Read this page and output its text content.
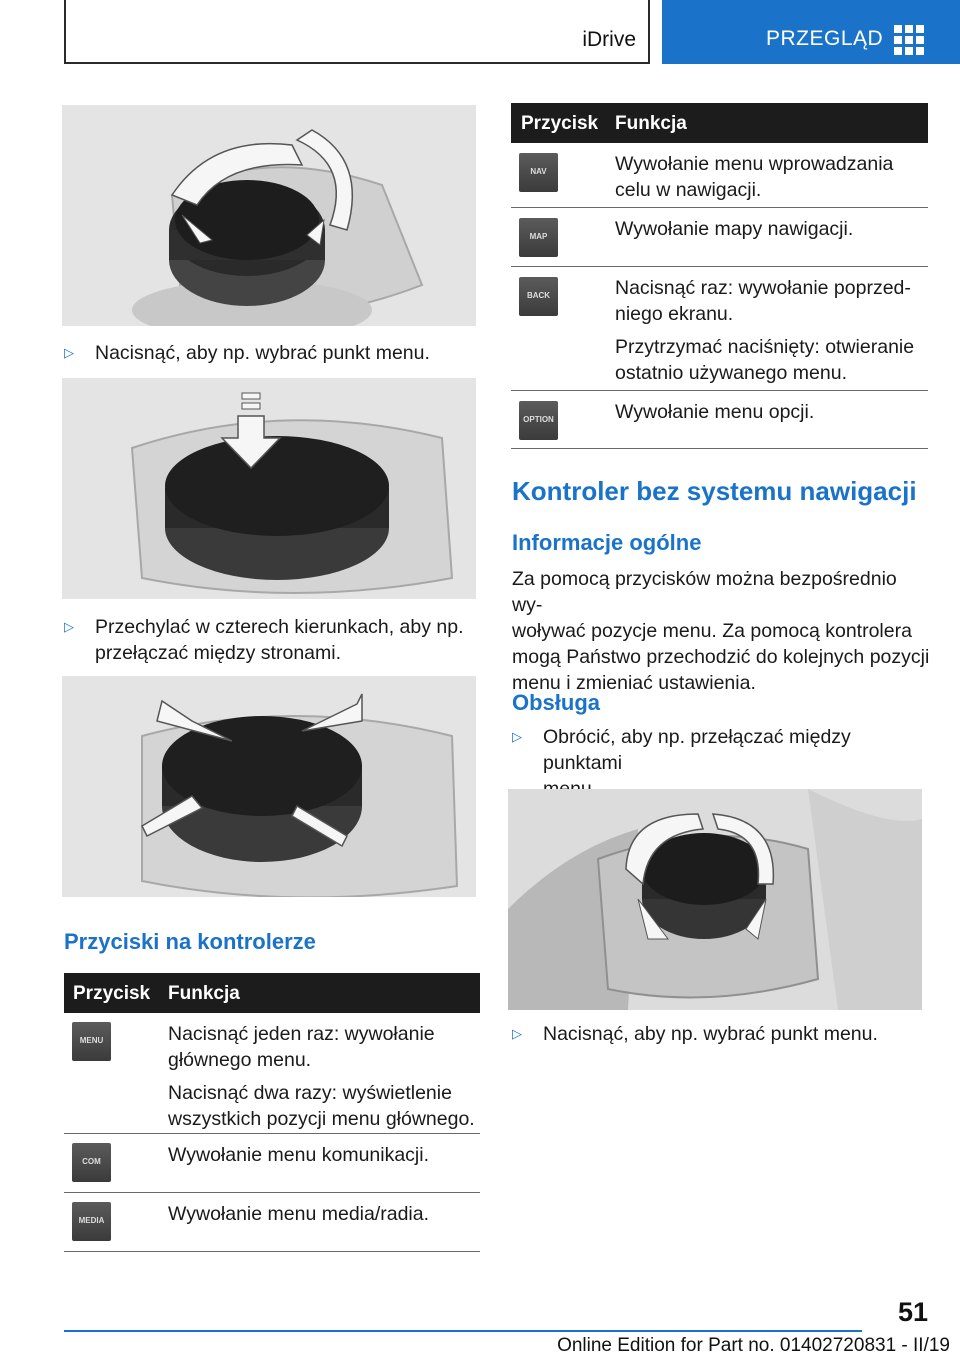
iDrive	PRZEGLĄD
▷	Nacisnąć, aby np. wybrać punkt menu.
▷	Przechylać w czterech kierunkach, aby np.
przełączać między stronami.
Przyciski na kontrolerze
Przycisk Funkcja
MENU	Nacisnąć jeden raz: wywołanie
głównego menu.

Nacisnąć dwa razy: wyświetlenie
wszystkich pozycji menu głównego.

COM	Wywołanie menu komunikacji.
MEDIA	Wywołanie menu media/radia.
Przycisk Funkcja
NAV	Wywołanie menu wprowadzania
celu w nawigacji.
MAP	Wywołanie mapy nawigacji.
BACK	Nacisnąć raz: wywołanie poprzed‐
niego ekranu.

Przytrzymać naciśnięty: otwieranie
ostatnio używanego menu.

OPTION	Wywołanie menu opcji.
Kontroler bez systemu nawigacji
Informacje ogólne
Za pomocą przycisków można bezpośrednio wy‐
woływać pozycje menu. Za pomocą kontrolera
mogą Państwo przechodzić do kolejnych pozycji
menu i zmieniać ustawienia.
Obsługa
▷	Obrócić, aby np. przełączać między punktami

▷	Nacisnąć, aby np. wybrać punkt menu.
51
Online Edition for Part no. 01402720831 - II/19
